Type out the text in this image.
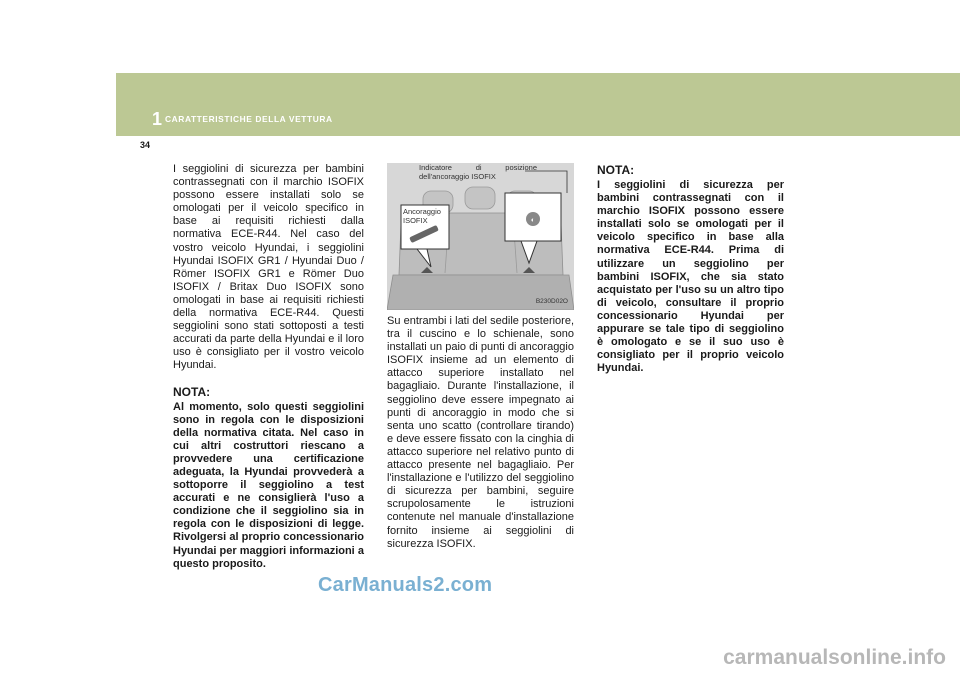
1 CARATTERISTICHE DELLA VETTURA
34

I seggiolini di sicurezza per bambini contrassegnati con il marchio ISOFIX possono essere installati solo se omologati per il veicolo specifico in base ai requisiti richiesti dalla normativa ECE-R44. Nel caso del vostro veicolo Hyundai, i seggiolini Hyundai ISOFIX GR1 / Hyundai Duo / Römer ISOFIX GR1 e Römer Duo ISOFIX / Britax Duo ISOFIX sono omologati in base ai requisiti richiesti della normativa ECE-R44. Questi seggiolini sono stati sottoposti a testi accurati da parte della Hyundai e il loro uso è consigliato per il vostro veicolo Hyundai.

NOTA:

Al momento, solo questi seggiolini sono in regola con le disposizioni della normativa citata. Nel caso in cui altri costruttori riescano a provvedere una certificazione adeguata, la Hyundai provvederà a sottoporre il seggiolino a test accurati e ne consiglierà l'uso a condizione che il seggiolino sia in regola con le disposizioni di legge. Rivolgersi al proprio concessionario Hyundai per maggiori informazioni a questo proposito.

◐
Indicatore di posizione dell'ancoraggio ISOFIX
Ancoraggio ISOFIX
B230D02O

Su entrambi i lati del sedile posteriore, tra il cuscino e lo schienale, sono installati un paio di punti di ancoraggio ISOFIX insieme ad un elemento di attacco superiore installato nel bagagliaio. Durante l'installazione, il seggiolino deve essere impegnato ai punti di ancoraggio in modo che si senta uno scatto (controllare tirando) e deve essere fissato con la cinghia di attacco superiore nel relativo punto di attacco presente nel bagagliaio. Per l'installazione e l'utilizzo del seggiolino di sicurezza per bambini, seguire scrupolosamente le istruzioni contenute nel manuale d'installazione fornito insieme ai seggiolini di sicurezza ISOFIX.

NOTA:

I seggiolini di sicurezza per bambini contrassegnati con il marchio ISOFIX possono essere installati solo se omologati per il veicolo specifico in base alla normativa ECE-R44. Prima di utilizzare un seggiolino per bambini ISOFIX, che sia stato acquistato per l'uso su un altro tipo di veicolo, consultare il proprio concessionario Hyundai per appurare se tale tipo di seggiolino è omologato e se il suo uso è consigliato per il proprio veicolo Hyundai.

CarManuals2.com
carmanualsonline.info
